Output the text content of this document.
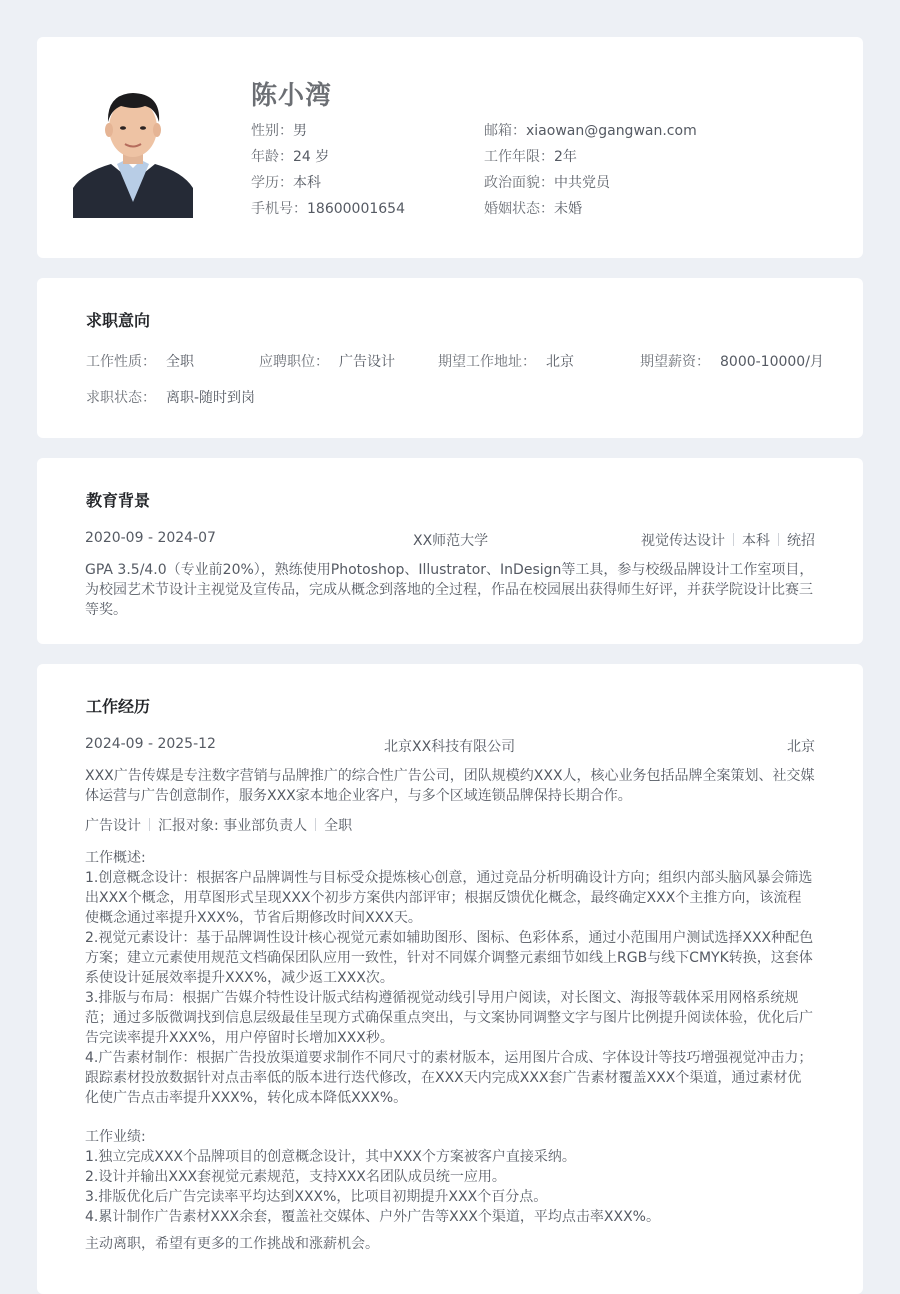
陈小湾
性别：男
年龄：24 岁
学历：本科
手机号：18600001654
邮箱：xiaowan@gangwan.com
工作年限：2年
政治面貌：中共党员
婚姻状态：未婚
求职意向
工作性质： 全职	应聘职位： 广告设计	期望工作地址： 北京	期望薪资： 8000-10000/月
求职状态： 离职-随时到岗
教育背景
2020-09 - 2024-07	XX师范大学	视觉传达设计 本科 统招
GPA 3.5/4.0（专业前20%），熟练使用Photoshop、Illustrator、InDesign等工具，参与校级品牌设计工作室项目，为校园艺术节设计主视觉及宣传品，完成从概念到落地的全过程，作品在校园展出获得师生好评，并获学院设计比赛三等奖。
工作经历
2024-09 - 2025-12	北京XX科技有限公司	北京
XXX广告传媒是专注数字营销与品牌推广的综合性广告公司，团队规模约XXX人，核心业务包括品牌全案策划、社交媒体运营与广告创意制作，服务XXX家本地企业客户，与多个区域连锁品牌保持长期合作。
广告设计 汇报对象: 事业部负责人 全职

工作概述:

1.创意概念设计：根据客户品牌调性与目标受众提炼核心创意，通过竞品分析明确设计方向；组织内部头脑风暴会筛选出XXX个概念，用草图形式呈现XXX个初步方案供内部评审；根据反馈优化概念，最终确定XXX个主推方向，该流程使概念通过率提升XXX%，节省后期修改时间XXX天。

2.视觉元素设计：基于品牌调性设计核心视觉元素如辅助图形、图标、色彩体系，通过小范围用户测试选择XXX种配色方案；建立元素使用规范文档确保团队应用一致性，针对不同媒介调整元素细节如线上RGB与线下CMYK转换，这套体系使设计延展效率提升XXX%，减少返工XXX次。

3.排版与布局：根据广告媒介特性设计版式结构遵循视觉动线引导用户阅读，对长图文、海报等载体采用网格系统规范；通过多版微调找到信息层级最佳呈现方式确保重点突出，与文案协同调整文字与图片比例提升阅读体验，优化后广告完读率提升XXX%，用户停留时长增加XXX秒。

4.广告素材制作：根据广告投放渠道要求制作不同尺寸的素材版本，运用图片合成、字体设计等技巧增强视觉冲击力；跟踪素材投放数据针对点击率低的版本进行迭代修改，在XXX天内完成XXX套广告素材覆盖XXX个渠道，通过素材优化使广告点击率提升XXX%，转化成本降低XXX%。

工作业绩:

1.独立完成XXX个品牌项目的创意概念设计，其中XXX个方案被客户直接采纳。

2.设计并输出XXX套视觉元素规范，支持XXX名团队成员统一应用。

3.排版优化后广告完读率平均达到XXX%，比项目初期提升XXX个百分点。

4.累计制作广告素材XXX余套，覆盖社交媒体、户外广告等XXX个渠道，平均点击率XXX%。

主动离职，希望有更多的工作挑战和涨薪机会。
